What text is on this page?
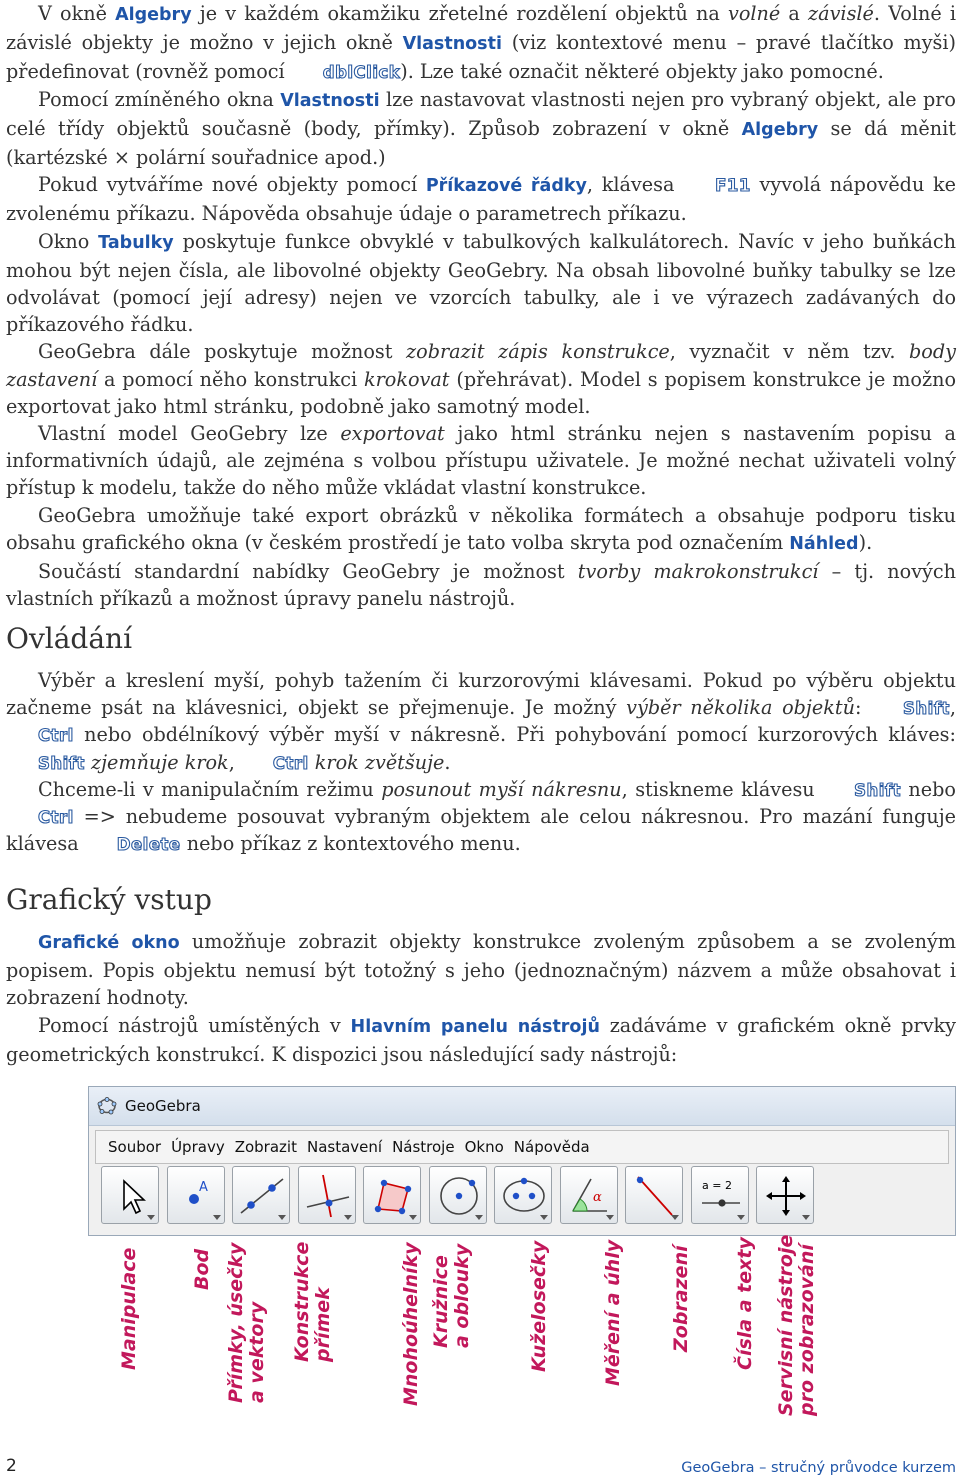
V okně Algebry je v každém okamžiku zřetelné rozdělení objektů na volné a závislé. Volné i závislé objekty je možno v jejich okně Vlastnosti (viz kontextové menu – pravé tlačítko myši) předefinovat (rovněž pomocí dblClick). Lze také označit některé objekty jako pomocné.

Pomocí zmíněného okna Vlastnosti lze nastavovat vlastnosti nejen pro vybraný objekt, ale pro celé třídy objektů současně (body, přímky). Způsob zobrazení v okně Algebry se dá měnit (kartézské × polární souřadnice apod.)

Pokud vytváříme nové objekty pomocí Příkazové řádky, klávesa F11 vyvolá nápovědu ke zvolenému příkazu. Nápověda obsahuje údaje o parametrech příkazu.

Okno Tabulky poskytuje funkce obvyklé v tabulkových kalkulátorech. Navíc v jeho buňkách mohou být nejen čísla, ale libovolné objekty GeoGebry. Na obsah libovolné buňky tabulky se lze odvolávat (pomocí její adresy) nejen ve vzorcích tabulky, ale i ve výrazech zadávaných do příkazového řádku.

GeoGebra dále poskytuje možnost zobrazit zápis konstrukce, vyznačit v něm tzv. body zastavení a pomocí něho konstrukci krokovat (přehrávat). Model s popisem konstrukce je možno exportovat jako html stránku, podobně jako samotný model.

Vlastní model GeoGebry lze exportovat jako html stránku nejen s nastavením popisu a informativních údajů, ale zejména s volbou přístupu uživatele. Je možné nechat uživateli volný přístup k modelu, takže do něho může vkládat vlastní konstrukce.

GeoGebra umožňuje také export obrázků v několika formátech a obsahuje podporu tisku obsahu grafického okna (v českém prostředí je tato volba skryta pod označením Náhled).

Součástí standardní nabídky GeoGebry je možnost tvorby makrokonstrukcí – tj. nových vlastních příkazů a možnost úpravy panelu nástrojů.

Ovládání

Výběr a kreslení myší, pohyb tažením či kurzorovými klávesami. Pokud po výběru objektu začneme psát na klávesnici, objekt se přejmenuje. Je možný výběr několika objektů: Shift, Ctrl nebo obdélníkový výběr myší v nákresně. Při pohybování pomocí kurzorových kláves: Shift zjemňuje krok, Ctrl krok zvětšuje.

Chceme-li v manipulačním režimu posunout myší nákresnu, stiskneme klávesu Shift nebo Ctrl => nebudeme posouvat vybraným objektem ale celou nákresnou. Pro mazání funguje klávesa Delete nebo příkaz z kontextového menu.

Grafický vstup

Grafické okno umožňuje zobrazit objekty konstrukce zvoleným způsobem a se zvoleným popisem. Popis objektu nemusí být totožný s jeho (jednoznačným) názvem a může obsahovat i zobrazení hodnoty.

Pomocí nástrojů umístěných v Hlavním panelu nástrojů zadáváme v grafickém okně prvky geometrických konstrukcí. K dispozici jsou následující sady nástrojů:

GeoGebra
Soubor Úpravy Zobrazit Nastavení Nástroje Okno Nápověda
A
α
a = 2
Manipulace	Bod Přímky, úsečky a vektory Konstrukce přímek	Mnohoúhelníky Kružnice a oblouky	Kuželosečky	Měření a úhly Zobrazení Čísla a texty Servisní nástroje pro zobrazování
2	GeoGebra – stručný průvodce kurzem
